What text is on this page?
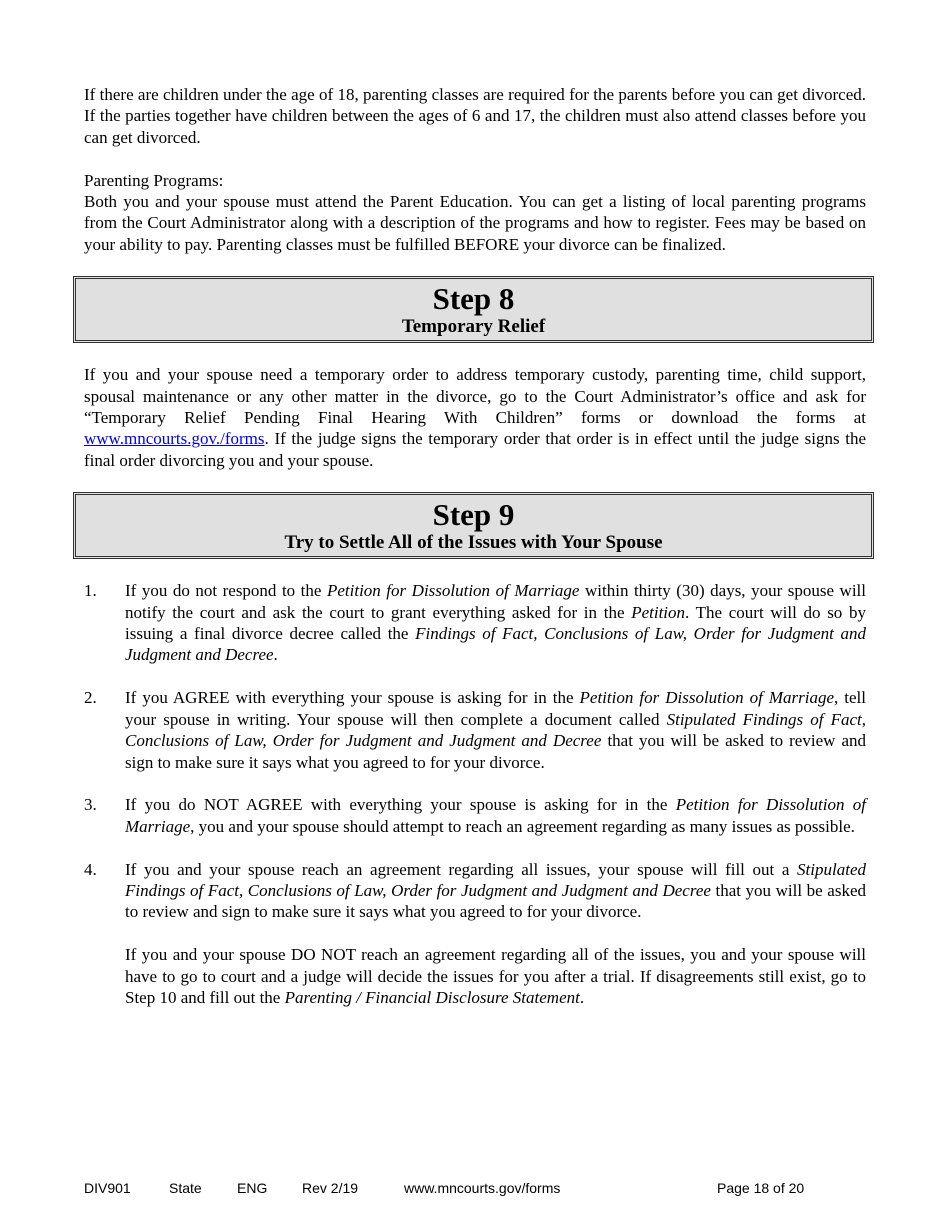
If there are children under the age of 18, parenting classes are required for the parents before you can get divorced. If the parties together have children between the ages of 6 and 17, the children must also attend classes before you can get divorced.

Parenting Programs:

Both you and your spouse must attend the Parent Education. You can get a listing of local parenting programs from the Court Administrator along with a description of the programs and how to register. Fees may be based on your ability to pay. Parenting classes must be fulfilled BEFORE your divorce can be finalized.

Step 8
Temporary Relief

If you and your spouse need a temporary order to address temporary custody, parenting time, child support, spousal maintenance or any other matter in the divorce, go to the Court Administrator’s office and ask for “Temporary Relief Pending Final Hearing With Children” forms or download the forms at www.mncourts.gov./forms. If the judge signs the temporary order that order is in effect until the judge signs the final order divorcing you and your spouse.

Step 9
Try to Settle All of the Issues with Your Spouse
1.	If you do not respond to the Petition for Dissolution of Marriage within thirty (30) days, your spouse will notify the court and ask the court to grant everything asked for in the Petition. The court will do so by issuing a final divorce decree called the Findings of Fact, Conclusions of Law, Order for Judgment and Judgment and Decree.

2.	If you AGREE with everything your spouse is asking for in the Petition for Dissolution of Marriage, tell your spouse in writing. Your spouse will then complete a document called Stipulated Findings of Fact, Conclusions of Law, Order for Judgment and Judgment and Decree that you will be asked to review and sign to make sure it says what you agreed to for your divorce.

3.	If you do NOT AGREE with everything your spouse is asking for in the Petition for Dissolution of Marriage, you and your spouse should attempt to reach an agreement regarding as many issues as possible.

4.	If you and your spouse reach an agreement regarding all issues, your spouse will fill out a Stipulated Findings of Fact, Conclusions of Law, Order for Judgment and Judgment and Decree that you will be asked to review and sign to make sure it says what you agreed to for your divorce.

If you and your spouse DO NOT reach an agreement regarding all of the issues, you and your spouse will have to go to court and a judge will decide the issues for you after a trial. If disagreements still exist, go to Step 10 and fill out the Parenting / Financial Disclosure Statement.

DIV901	State	ENG Rev 2/19	www.mncourts.gov/forms	Page 18 of 20
